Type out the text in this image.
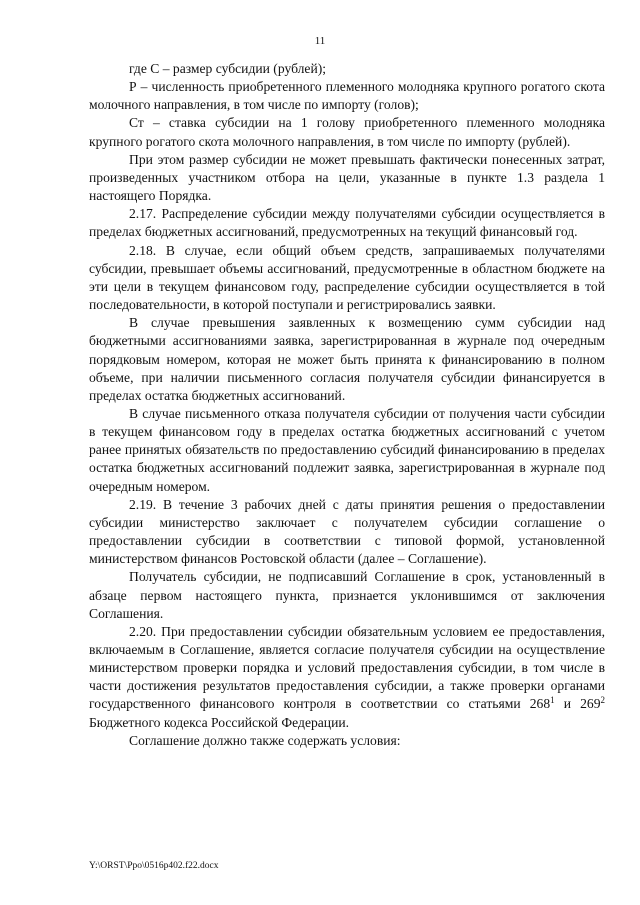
11

где С – размер субсидии (рублей);

Р – численность приобретенного племенного молодняка крупного рогатого скота молочного направления, в том числе по импорту (голов);

Ст – ставка субсидии на 1 голову приобретенного племенного молодняка крупного рогатого скота молочного направления, в том числе по импорту (рублей).

При этом размер субсидии не может превышать фактически понесенных затрат, произведенных участником отбора на цели, указанные в пункте 1.3 раздела 1 настоящего Порядка.

2.17. Распределение субсидии между получателями субсидии осуществляется в пределах бюджетных ассигнований, предусмотренных на текущий финансовый год.

2.18. В случае, если общий объем средств, запрашиваемых получателями субсидии, превышает объемы ассигнований, предусмотренные в областном бюджете на эти цели в текущем финансовом году, распределение субсидии осуществляется в той последовательности, в которой поступали и регистрировались заявки.

В случае превышения заявленных к возмещению сумм субсидии над бюджетными ассигнованиями заявка, зарегистрированная в журнале под очередным порядковым номером, которая не может быть принята к финансированию в полном объеме, при наличии письменного согласия получателя субсидии финансируется в пределах остатка бюджетных ассигнований.

В случае письменного отказа получателя субсидии от получения части субсидии в текущем финансовом году в пределах остатка бюджетных ассигнований с учетом ранее принятых обязательств по предоставлению субсидий финансированию в пределах остатка бюджетных ассигнований подлежит заявка, зарегистрированная в журнале под очередным номером.

2.19. В течение 3 рабочих дней с даты принятия решения о предоставлении субсидии министерство заключает с получателем субсидии соглашение о предоставлении субсидии в соответствии с типовой формой, установленной министерством финансов Ростовской области (далее – Соглашение).

Получатель субсидии, не подписавший Соглашение в срок, установленный в абзаце первом настоящего пункта, признается уклонившимся от заключения Соглашения.

2.20. При предоставлении субсидии обязательным условием ее предоставления, включаемым в Соглашение, является согласие получателя субсидии на осуществление министерством проверки порядка и условий предоставления субсидии, в том числе в части достижения результатов предоставления субсидии, а также проверки органами государственного финансового контроля в соответствии со статьями $268^1$ и $269^2$ Бюджетного кодекса Российской Федерации.

Соглашение должно также содержать условия:

Y:\ORST\Ppo\0516p402.f22.docx
